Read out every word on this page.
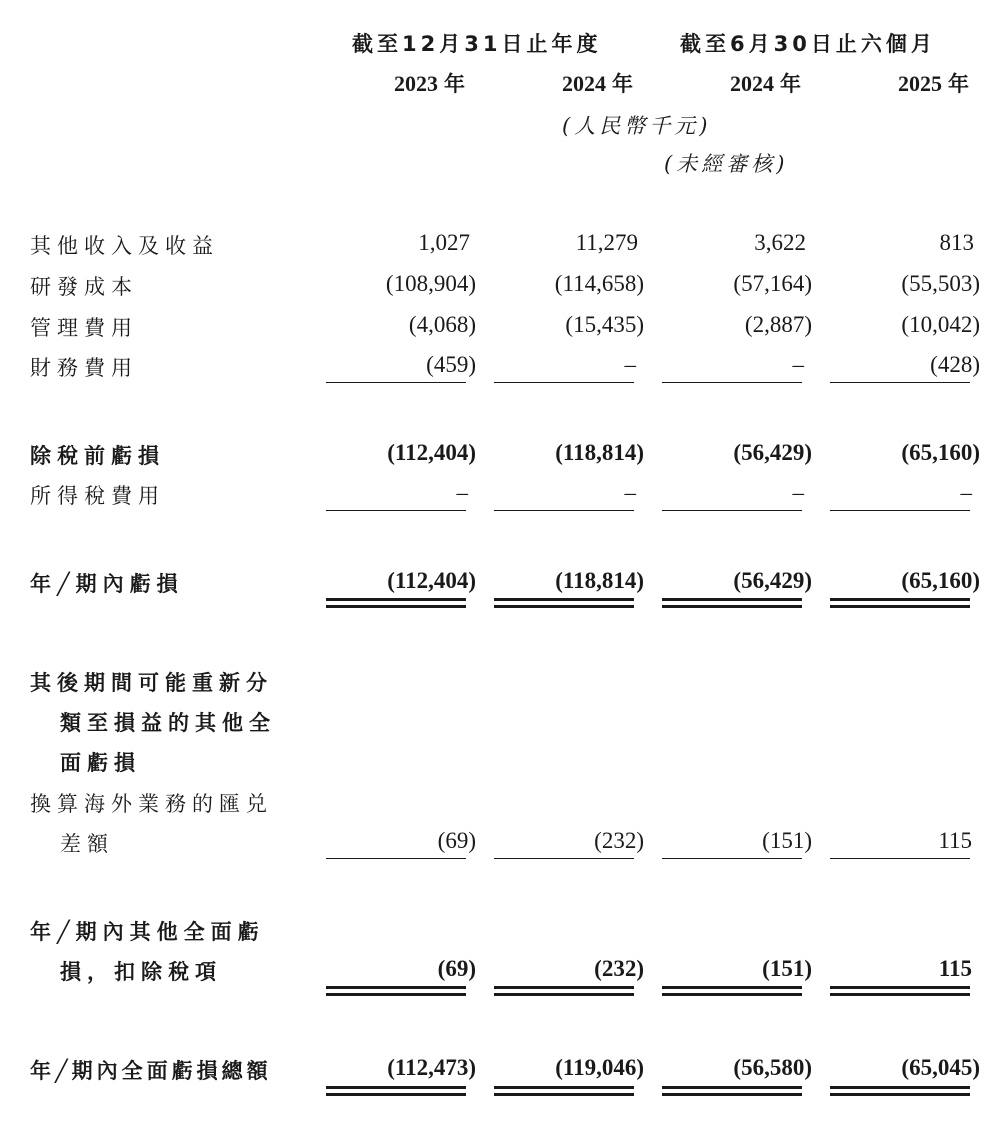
截至12月31日止年度	截至6月30日止六個月
2023 年	2024 年	2024 年	2025 年
(人民幣千元)
(未經審核)
其他收入及收益	1,027	11,279	3,622	813
研發成本	(108,904)	(114,658)	(57,164)	(55,503)
管理費用	(4,068)	(15,435)	(2,887)	(10,042)
財務費用	(459)	–	–	(428)
除稅前虧損	(112,404)	(118,814)	(56,429)	(65,160)
所得稅費用	–	–	–	–
年╱期內虧損	(112,404)	(118,814)	(56,429)	(65,160)
其後期間可能重新分
類至損益的其他全
面虧損
換算海外業務的匯兑
差額	(69)	(232)	(151)	115
年╱期內其他全面虧
損，扣除稅項	(69)	(232)	(151)	115
年╱期內全面虧損總額	(112,473)	(119,046)	(56,580)	(65,045)
